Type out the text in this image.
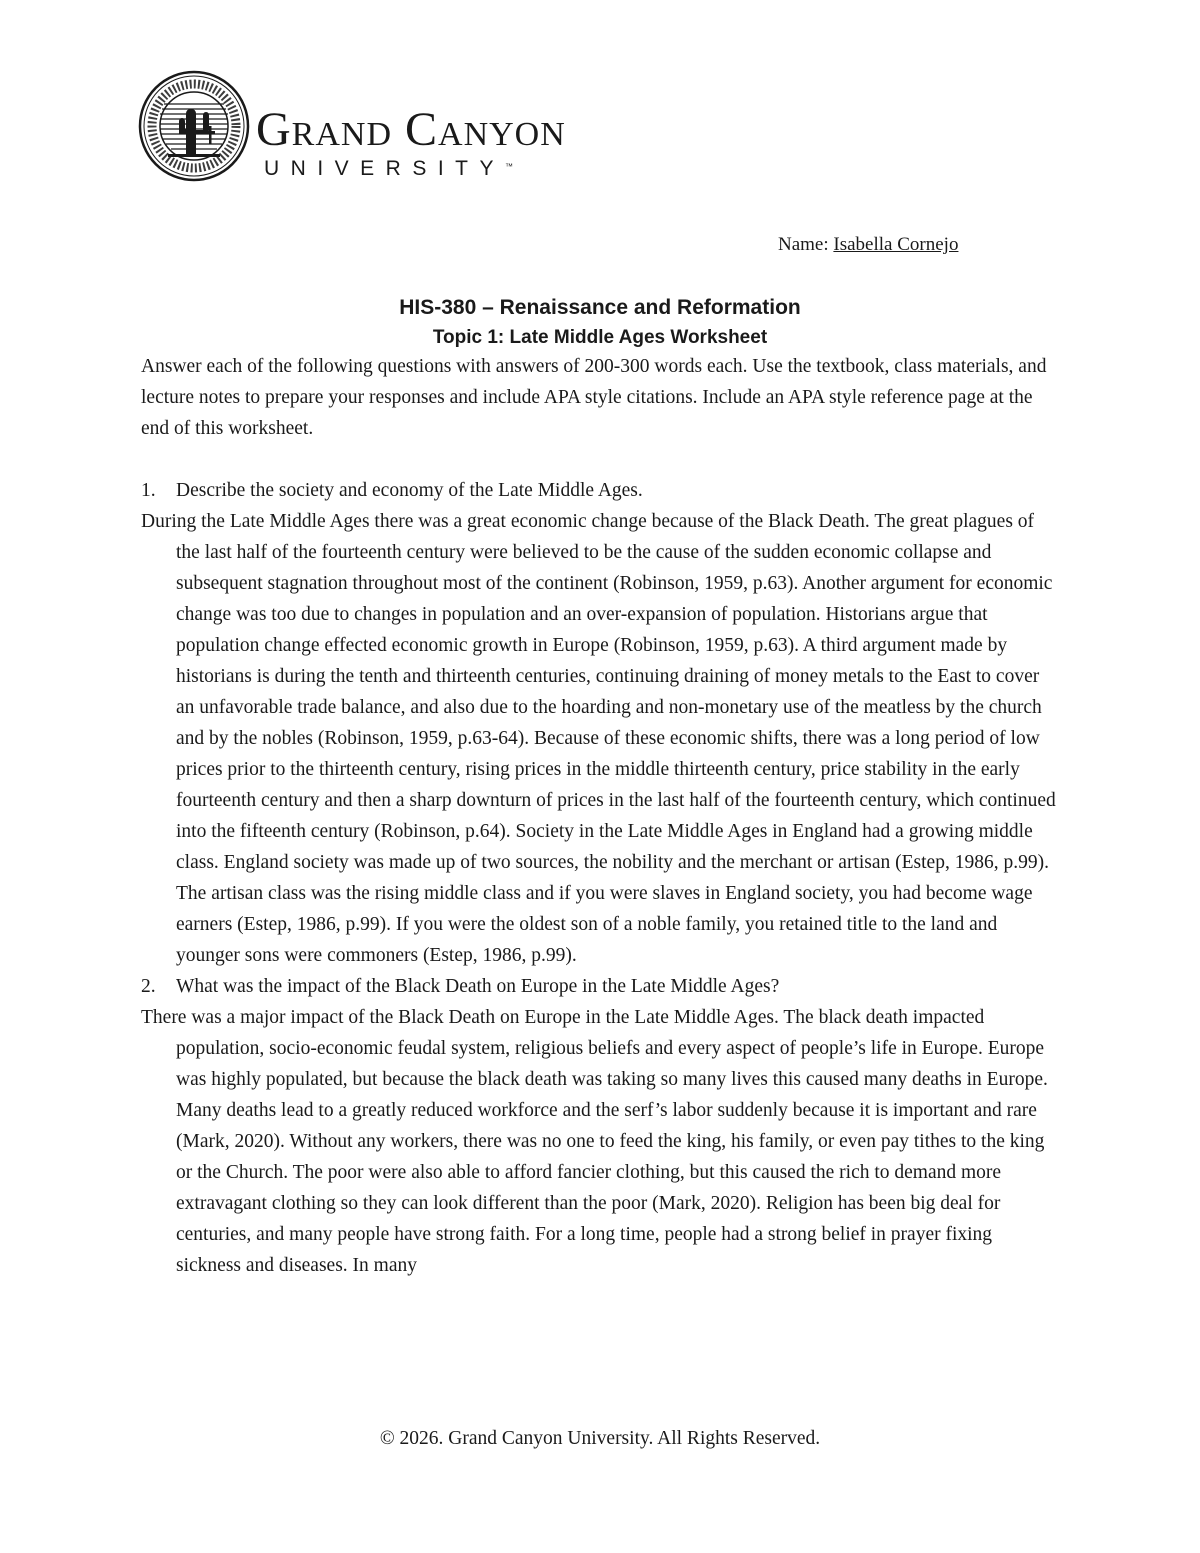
Grand Canyon
UNIVERSITY™
Name: Isabella Cornejo
HIS-380 – Renaissance and Reformation
Topic 1: Late Middle Ages Worksheet

Answer each of the following questions with answers of 200-300 words each. Use the textbook, class materials, and lecture notes to prepare your responses and include APA style citations. Include an APA style reference page at the end of this worksheet.

1.	Describe the society and economy of the Late Middle Ages.

During the Late Middle Ages there was a great economic change because of the Black Death. The great plagues of the last half of the fourteenth century were believed to be the cause of the sudden economic collapse and subsequent stagnation throughout most of the continent (Robinson, 1959, p.63). Another argument for economic change was too due to changes in population and an over-expansion of population. Historians argue that population change effected economic growth in Europe (Robinson, 1959, p.63). A third argument made by historians is during the tenth and thirteenth centuries, continuing draining of money metals to the East to cover an unfavorable trade balance, and also due to the hoarding and non-monetary use of the meatless by the church and by the nobles (Robinson, 1959, p.63-64). Because of these economic shifts, there was a long period of low prices prior to the thirteenth century, rising prices in the middle thirteenth century, price stability in the early fourteenth century and then a sharp downturn of prices in the last half of the fourteenth century, which continued into the fifteenth century (Robinson, p.64). Society in the Late Middle Ages in England had a growing middle class. England society was made up of two sources, the nobility and the merchant or artisan (Estep, 1986, p.99). The artisan class was the rising middle class and if you were slaves in England society, you had become wage earners (Estep, 1986, p.99). If you were the oldest son of a noble family, you retained title to the land and younger sons were commoners (Estep, 1986, p.99).

2.	What was the impact of the Black Death on Europe in the Late Middle Ages?

There was a major impact of the Black Death on Europe in the Late Middle Ages. The black death impacted population, socio-economic feudal system, religious beliefs and every aspect of people’s life in Europe. Europe was highly populated, but because the black death was taking so many lives this caused many deaths in Europe. Many deaths lead to a greatly reduced workforce and the serf’s labor suddenly because it is important and rare (Mark, 2020). Without any workers, there was no one to feed the king, his family, or even pay tithes to the king or the Church. The poor were also able to afford fancier clothing, but this caused the rich to demand more extravagant clothing so they can look different than the poor (Mark, 2020). Religion has been big deal for centuries, and many people have strong faith. For a long time, people had a strong belief in prayer fixing sickness and diseases. In many

© 2026. Grand Canyon University. All Rights Reserved.
